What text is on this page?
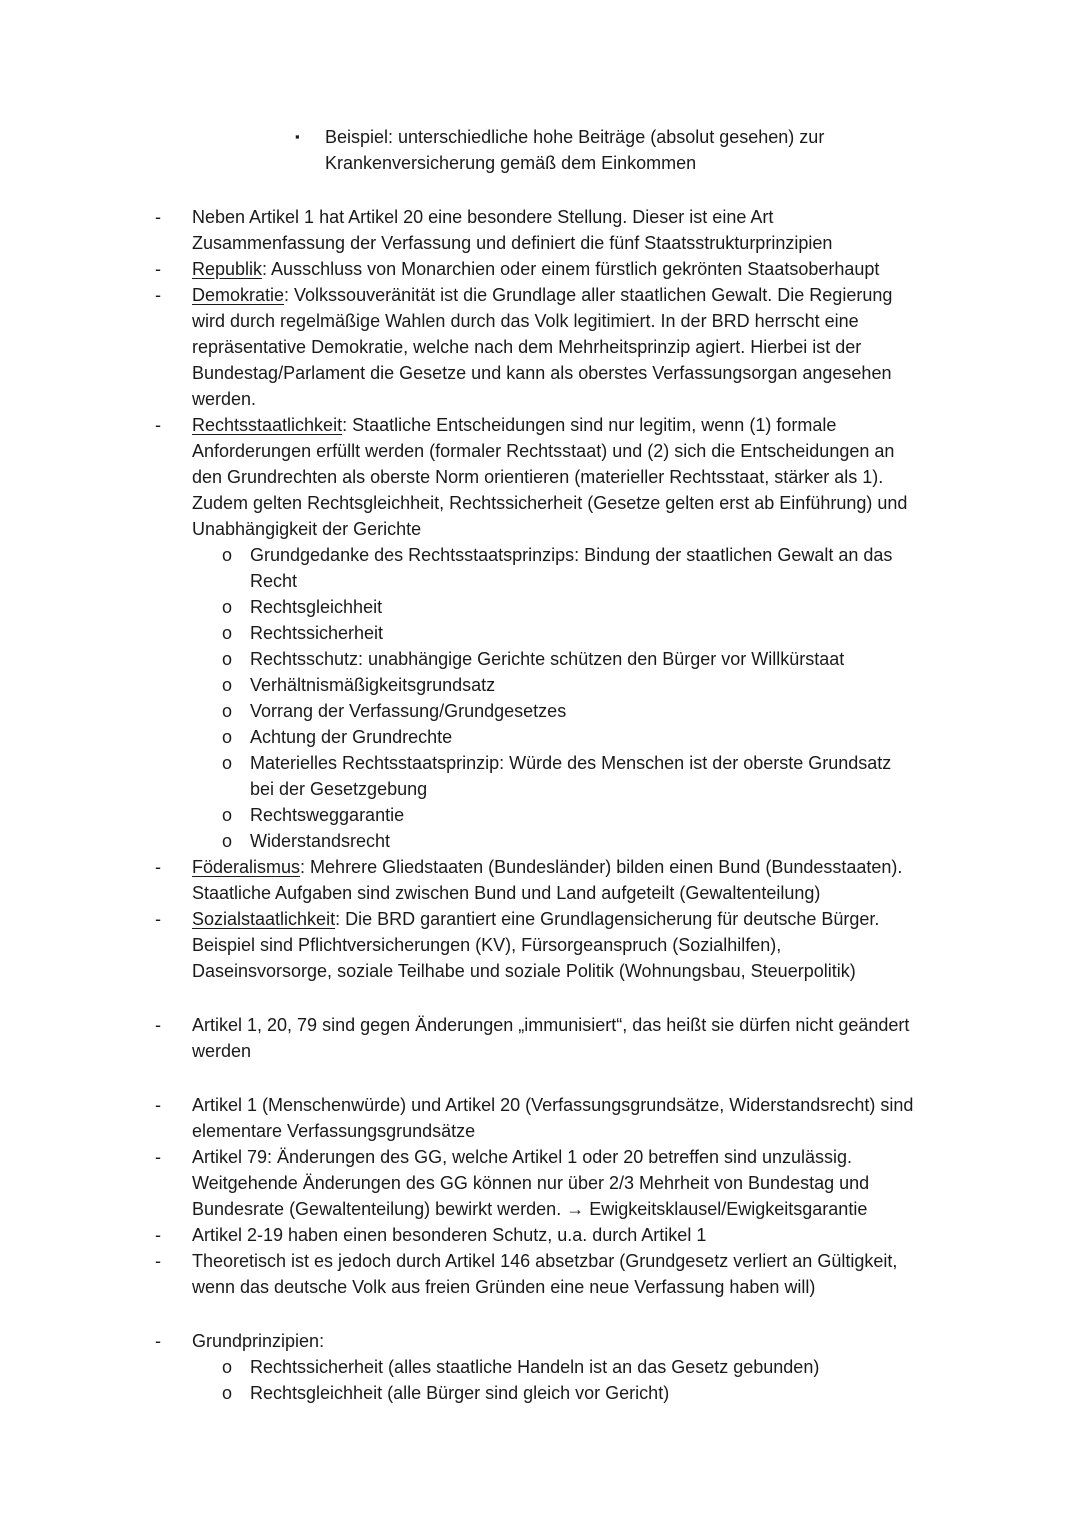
▪	Beispiel: unterschiedliche hohe Beiträge (absolut gesehen) zur Krankenversicherung gemäß dem Einkommen
-	Neben Artikel 1 hat Artikel 20 eine besondere Stellung. Dieser ist eine Art Zusammenfassung der Verfassung und definiert die fünf Staatsstrukturprinzipien
-	Republik: Ausschluss von Monarchien oder einem fürstlich gekrönten Staatsoberhaupt
-	Demokratie: Volkssouveränität ist die Grundlage aller staatlichen Gewalt. Die Regierung wird durch regelmäßige Wahlen durch das Volk legitimiert. In der BRD herrscht eine repräsentative Demokratie, welche nach dem Mehrheitsprinzip agiert. Hierbei ist der Bundestag/Parlament die Gesetze und kann als oberstes Verfassungsorgan angesehen werden.
-	Rechtsstaatlichkeit: Staatliche Entscheidungen sind nur legitim, wenn (1) formale Anforderungen erfüllt werden (formaler Rechtsstaat) und (2) sich die Entscheidungen an den Grundrechten als oberste Norm orientieren (materieller Rechtsstaat, stärker als 1). Zudem gelten Rechtsgleichheit, Rechtssicherheit (Gesetze gelten erst ab Einführung) und Unabhängigkeit der Gerichte
o Grundgedanke des Rechtsstaatsprinzips: Bindung der staatlichen Gewalt an das Recht
o Rechtsgleichheit
o Rechtssicherheit
o Rechtsschutz: unabhängige Gerichte schützen den Bürger vor Willkürstaat
o Verhältnismäßigkeitsgrundsatz
o Vorrang der Verfassung/Grundgesetzes
o Achtung der Grundrechte
o Materielles Rechtsstaatsprinzip: Würde des Menschen ist der oberste Grundsatz bei der Gesetzgebung
o Rechtsweggarantie
o Widerstandsrecht
-	Föderalismus: Mehrere Gliedstaaten (Bundesländer) bilden einen Bund (Bundesstaaten). Staatliche Aufgaben sind zwischen Bund und Land aufgeteilt (Gewaltenteilung)
-	Sozialstaatlichkeit: Die BRD garantiert eine Grundlagensicherung für deutsche Bürger. Beispiel sind Pflichtversicherungen (KV), Fürsorgeanspruch (Sozialhilfen), Daseinsvorsorge, soziale Teilhabe und soziale Politik (Wohnungsbau, Steuerpolitik)
-	Artikel 1, 20, 79 sind gegen Änderungen „immunisiert“, das heißt sie dürfen nicht geändert werden
-	Artikel 1 (Menschenwürde) und Artikel 20 (Verfassungsgrundsätze, Widerstandsrecht) sind elementare Verfassungsgrundsätze
-	Artikel 79: Änderungen des GG, welche Artikel 1 oder 20 betreffen sind unzulässig. Weitgehende Änderungen des GG können nur über 2/3 Mehrheit von Bundestag und Bundesrate (Gewaltenteilung) bewirkt werden. → Ewigkeitsklausel/Ewigkeitsgarantie
-	Artikel 2-19 haben einen besonderen Schutz, u.a. durch Artikel 1
-	Theoretisch ist es jedoch durch Artikel 146 absetzbar (Grundgesetz verliert an Gültigkeit, wenn das deutsche Volk aus freien Gründen eine neue Verfassung haben will)
-	Grundprinzipien:
o Rechtssicherheit (alles staatliche Handeln ist an das Gesetz gebunden)
o Rechtsgleichheit (alle Bürger sind gleich vor Gericht)
